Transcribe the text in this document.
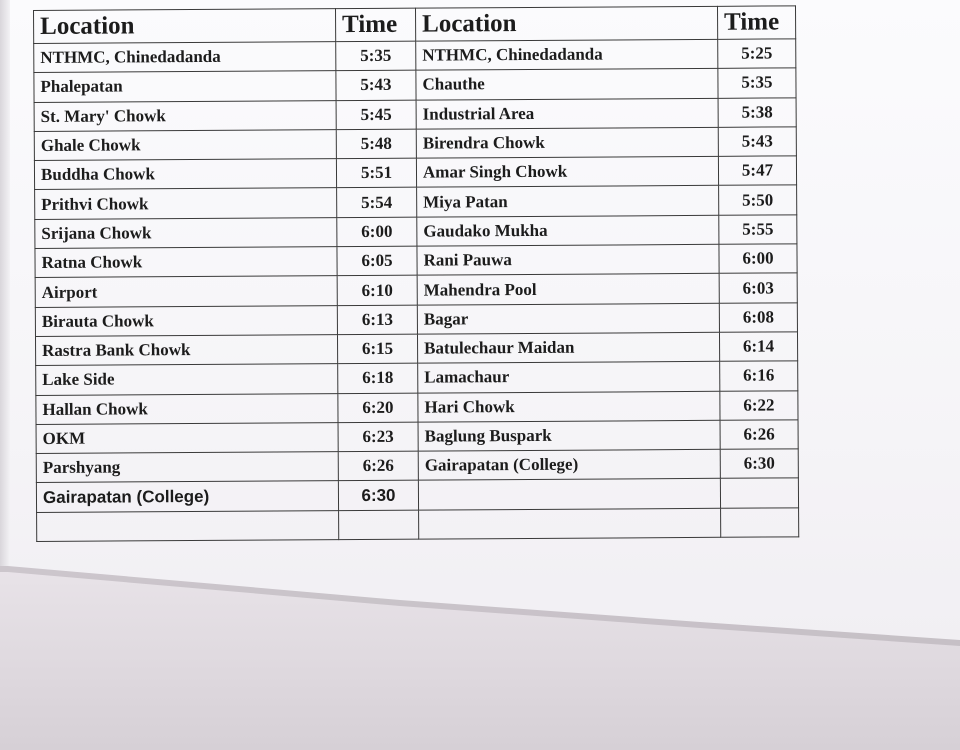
Location	Time	Location	Time
NTHMC, Chinedadanda	5:35	NTHMC, Chinedadanda	5:25
Phalepatan	5:43	Chauthe	5:35
St. Mary' Chowk	5:45	Industrial Area	5:38
Ghale Chowk	5:48	Birendra Chowk	5:43
Buddha Chowk	5:51	Amar Singh Chowk	5:47
Prithvi Chowk	5:54	Miya Patan	5:50
Srijana Chowk	6:00	Gaudako Mukha	5:55
Ratna Chowk	6:05	Rani Pauwa	6:00
Airport	6:10	Mahendra Pool	6:03
Birauta Chowk	6:13	Bagar	6:08
Rastra Bank Chowk	6:15	Batulechaur Maidan	6:14
Lake Side	6:18	Lamachaur	6:16
Hallan Chowk	6:20	Hari Chowk	6:22
OKM	6:23	Baglung Buspark	6:26
Parshyang	6:26	Gairapatan (College)	6:30
Gairapatan (College)	6:30		
